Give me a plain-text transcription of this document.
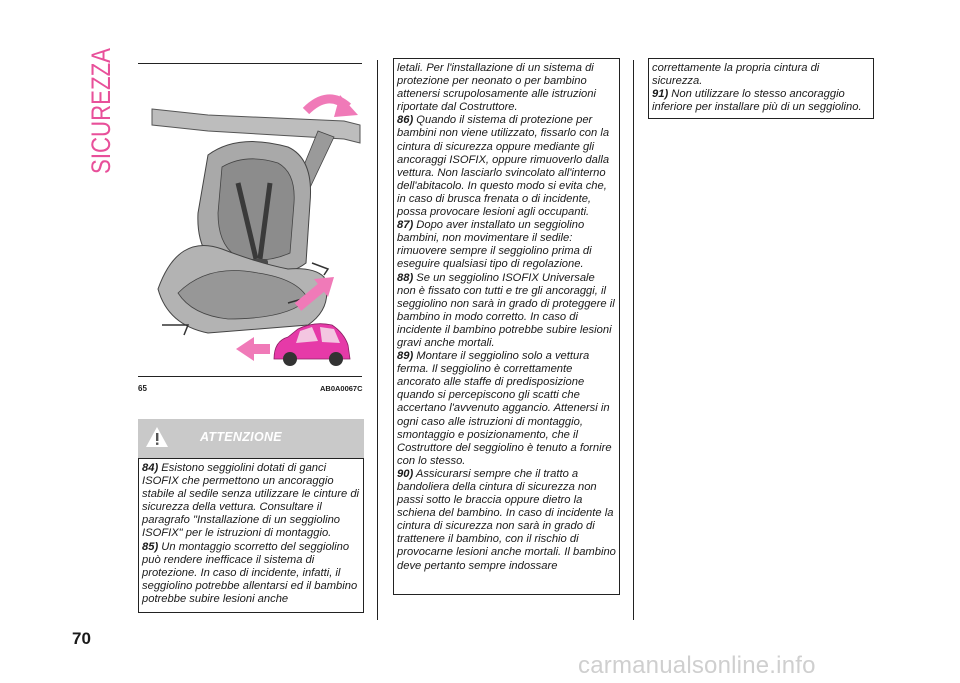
SICUREZZA
65	AB0A0067C
ATTENZIONE

84) Esistono seggiolini dotati di ganci ISOFIX che permettono un ancoraggio stabile al sedile senza utilizzare le cinture di sicurezza della vettura. Consultare il paragrafo "Installazione di un seggiolino ISOFIX" per le istruzioni di montaggio.

85) Un montaggio scorretto del seggiolino può rendere inefficace il sistema di protezione. In caso di incidente, infatti, il seggiolino potrebbe allentarsi ed il bambino potrebbe subire lesioni anche

letali. Per l'installazione di un sistema di protezione per neonato o per bambino attenersi scrupolosamente alle istruzioni riportate dal Costruttore.

86) Quando il sistema di protezione per bambini non viene utilizzato, fissarlo con la cintura di sicurezza oppure mediante gli ancoraggi ISOFIX, oppure rimuoverlo dalla vettura. Non lasciarlo svincolato all'interno dell'abitacolo. In questo modo si evita che, in caso di brusca frenata o di incidente, possa provocare lesioni agli occupanti.

87) Dopo aver installato un seggiolino bambini, non movimentare il sedile: rimuovere sempre il seggiolino prima di eseguire qualsiasi tipo di regolazione.

88) Se un seggiolino ISOFIX Universale non è fissato con tutti e tre gli ancoraggi, il seggiolino non sarà in grado di proteggere il bambino in modo corretto. In caso di incidente il bambino potrebbe subire lesioni gravi anche mortali.

89) Montare il seggiolino solo a vettura ferma. Il seggiolino è correttamente ancorato alle staffe di predisposizione quando si percepiscono gli scatti che accertano l'avvenuto aggancio. Attenersi in ogni caso alle istruzioni di montaggio, smontaggio e posizionamento, che il Costruttore del seggiolino è tenuto a fornire con lo stesso.

90) Assicurarsi sempre che il tratto a bandoliera della cintura di sicurezza non passi sotto le braccia oppure dietro la schiena del bambino. In caso di incidente la cintura di sicurezza non sarà in grado di trattenere il bambino, con il rischio di provocarne lesioni anche mortali. Il bambino deve pertanto sempre indossare

correttamente la propria cintura di sicurezza.

91) Non utilizzare lo stesso ancoraggio inferiore per installare più di un seggiolino.

70
carmanualsonline.info
